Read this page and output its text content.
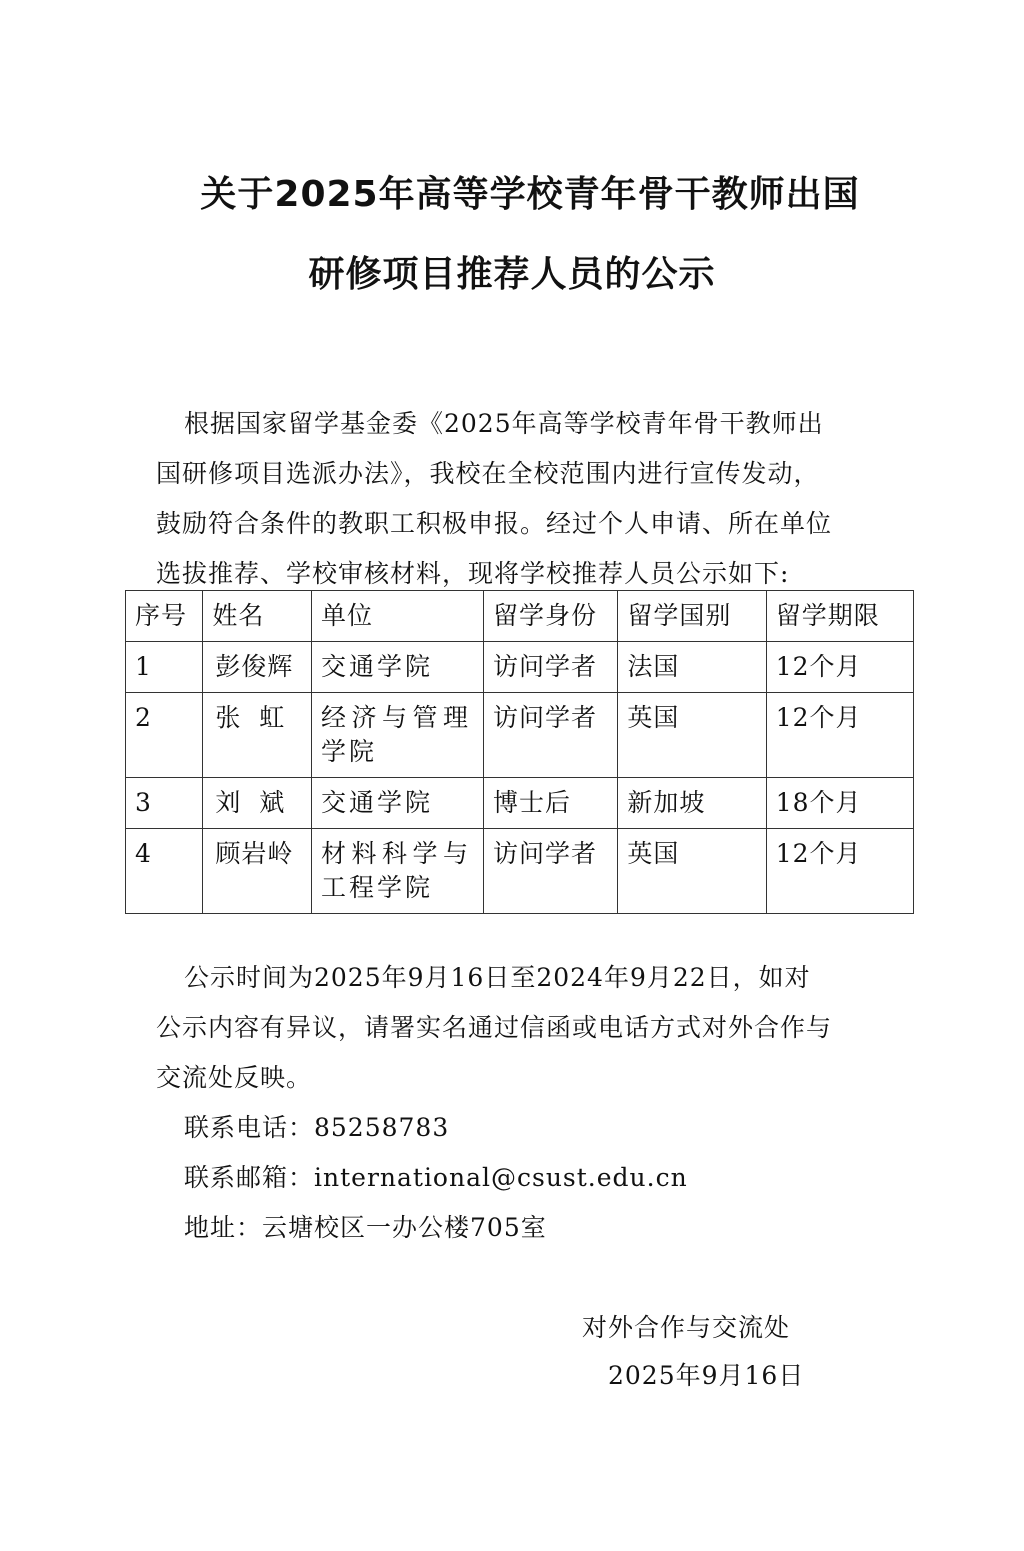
关于2025年高等学校青年骨干教师出国
研修项目推荐人员的公示

根据国家留学基金委《2025年高等学校青年骨干教师出

国研修项目选派办法》，我校在全校范围内进行宣传发动，

鼓励符合条件的教职工积极申报。经过个人申请、所在单位

选拔推荐、学校审核材料，现将学校推荐人员公示如下:

序号	姓名	单位	留学身份	留学国别	留学期限
1	彭俊辉	交通学院	访问学者	法国	12个月
2	张  虹	经济与管理学院	访问学者	英国	12个月
3	刘  斌	交通学院	博士后	新加坡	18个月
4	顾岩岭	材料科学与工程学院	访问学者	英国	12个月

公示时间为2025年9月16日至2024年9月22日，如对

公示内容有异议，请署实名通过信函或电话方式对外合作与

交流处反映。

联系电话：85258783

联系邮箱：international@csust.edu.cn

地址：云塘校区一办公楼705室

对外合作与交流处

2025年9月16日
